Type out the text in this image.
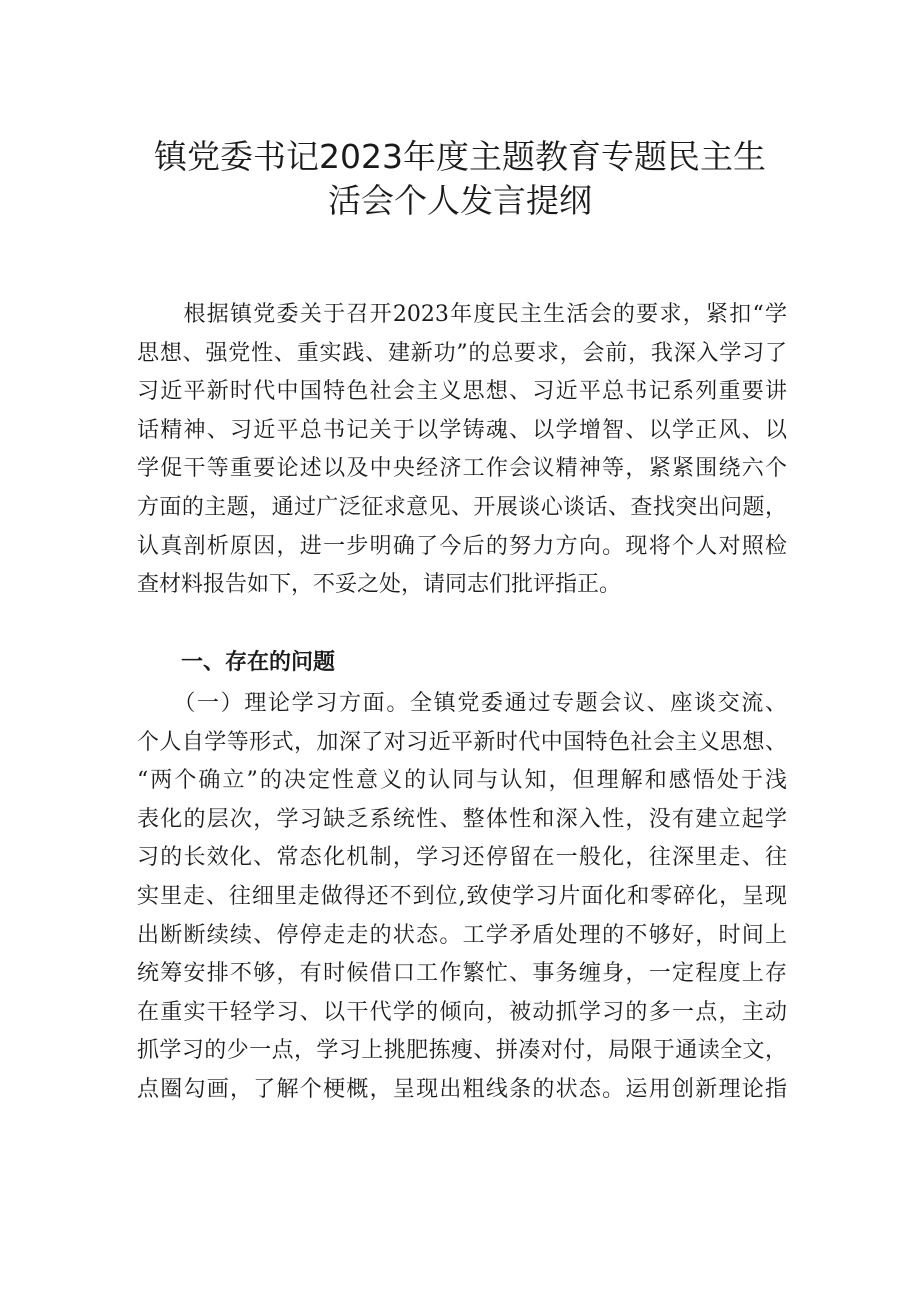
镇党委书记2023年度主题教育专题民主生
活会个人发言提纲
　　根据镇党委关于召开2023年度民主生活会的要求，紧扣“学
思想、强党性、重实践、建新功”的总要求，会前，我深入学习了
习近平新时代中国特色社会主义思想、习近平总书记系列重要讲
话精神、习近平总书记关于以学铸魂、以学增智、以学正风、以
学促干等重要论述以及中央经济工作会议精神等，紧紧围绕六个
方面的主题，通过广泛征求意见、开展谈心谈话、查找突出问题，
认真剖析原因，进一步明确了今后的努力方向。现将个人对照检
查材料报告如下，不妥之处，请同志们批评指正。
一、存在的问题
　　（一）理论学习方面。全镇党委通过专题会议、座谈交流、
个人自学等形式，加深了对习近平新时代中国特色社会主义思想、
“两个确立”的决定性意义的认同与认知，但理解和感悟处于浅
表化的层次，学习缺乏系统性、整体性和深入性，没有建立起学
习的长效化、常态化机制，学习还停留在一般化，往深里走、往
实里走、往细里走做得还不到位,致使学习片面化和零碎化，呈现
出断断续续、停停走走的状态。工学矛盾处理的不够好，时间上
统筹安排不够，有时候借口工作繁忙、事务缠身，一定程度上存
在重实干轻学习、以干代学的倾向，被动抓学习的多一点，主动
抓学习的少一点，学习上挑肥拣瘦、拼凑对付，局限于通读全文，
点圈勾画，了解个梗概，呈现出粗线条的状态。运用创新理论指
